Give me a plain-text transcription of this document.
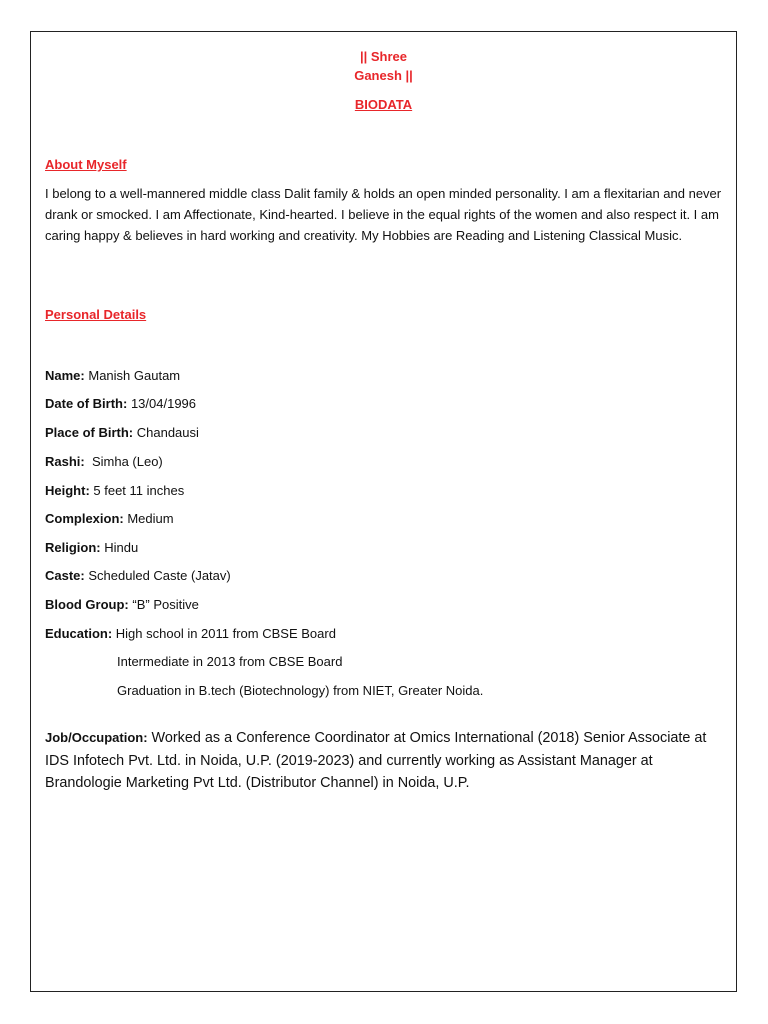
|| Shree
Ganesh ||
BIODATA
About Myself
I belong to a well-mannered middle class Dalit family & holds an open minded personality. I am a flexitarian and never drank or smocked. I am Affectionate, Kind-hearted. I believe in the equal rights of the women and also respect it. I am caring happy & believes in hard working and creativity. My Hobbies are Reading and Listening Classical Music.
Personal Details
Name: Manish Gautam
Date of Birth: 13/04/1996
Place of Birth: Chandausi
Rashi:  Simha (Leo)
Height: 5 feet 11 inches
Complexion: Medium
Religion: Hindu
Caste: Scheduled Caste (Jatav)
Blood Group: “B” Positive
Education: High school in 2011 from CBSE Board
Intermediate in 2013 from CBSE Board
Graduation in B.tech (Biotechnology) from NIET, Greater Noida.
Job/Occupation: Worked as a Conference Coordinator at Omics International (2018) Senior Associate at IDS Infotech Pvt. Ltd. in Noida, U.P. (2019-2023) and currently working as Assistant Manager at Brandologie Marketing Pvt Ltd. (Distributor Channel) in Noida, U.P.
